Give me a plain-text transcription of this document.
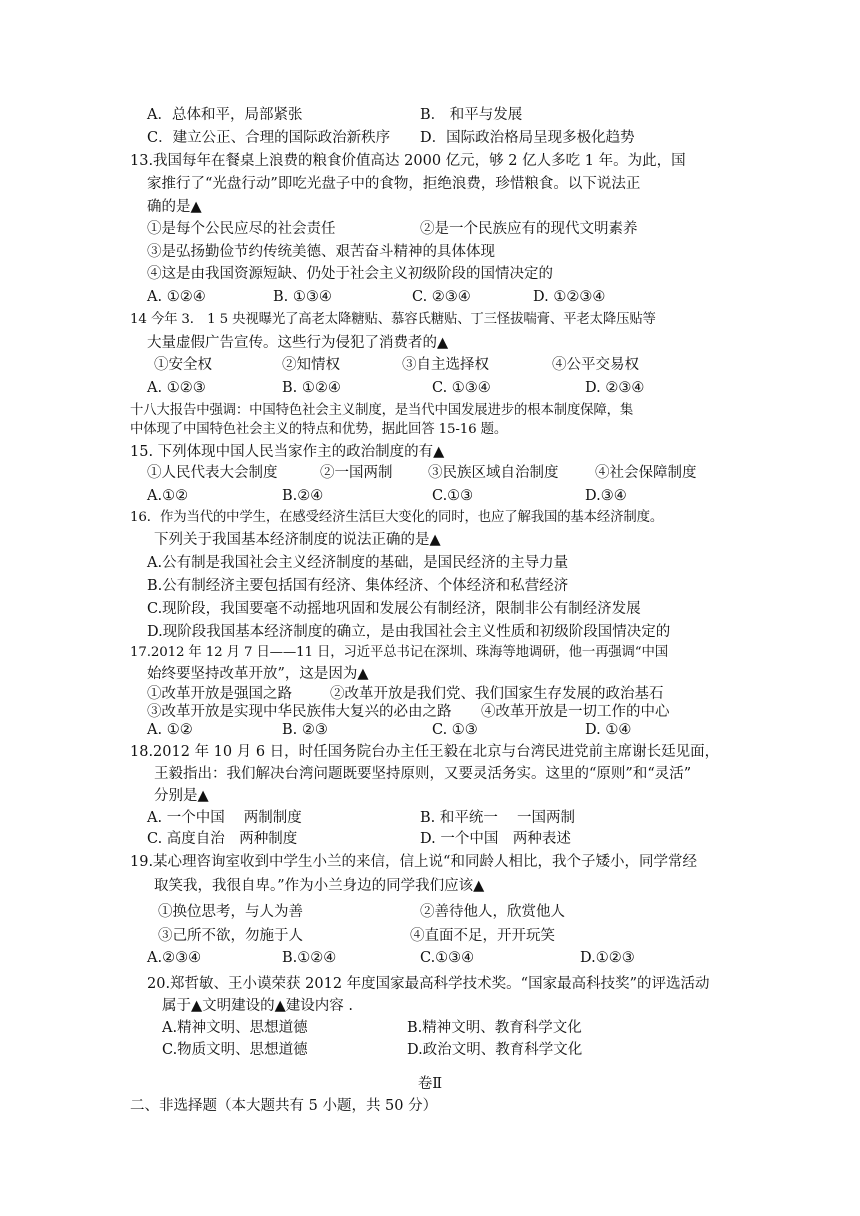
A．总体和平，局部紧张	B． 和平与发展
C．建立公正、合理的国际政治新秩序 D．国际政治格局呈现多极化趋势
13.我国每年在餐桌上浪费的粮食价值高达 2000 亿元，够 2 亿人多吃 1 年。为此，国
家推行了“光盘行动”即吃光盘子中的食物，拒绝浪费，珍惜粮食。以下说法正
确的是▲
①是每个公民应尽的社会责任	②是一个民族应有的现代文明素养
③是弘扬勤俭节约传统美德、艰苦奋斗精神的具体体现
④这是由我国资源短缺、仍处于社会主义初级阶段的国情决定的
A. ①②④	B. ①③④	C. ②③④	D. ①②③④
14 今年 3． 1 5 央视曝光了高老太降糖贴、慕容氏糖贴、丁三怪拔喘膏、平老太降压贴等
大量虚假广告宣传。这些行为侵犯了消费者的▲
①安全权	②知情权	③自主选择权	④公平交易权
A. ①②③	B. ①②④	C. ①③④	D. ②③④
十八大报告中强调：中国特色社会主义制度，是当代中国发展进步的根本制度保障，集
中体现了中国特色社会主义的特点和优势，据此回答 15-16 题。
15. 下列体现中国人民当家作主的政治制度的有▲
①人民代表大会制度	②一国两制 ③民族区域自治制度	④社会保障制度
A.①②	B.②④	C.①③	D.③④
16．作为当代的中学生，在感受经济生活巨大变化的同时，也应了解我国的基本经济制度。
下列关于我国基本经济制度的说法正确的是▲
A.公有制是我国社会主义经济制度的基础，是国民经济的主导力量
B.公有制经济主要包括国有经济、集体经济、个体经济和私营经济
C.现阶段，我国要毫不动摇地巩固和发展公有制经济，限制非公有制经济发展
D.现阶段我国基本经济制度的确立，是由我国社会主义性质和初级阶段国情决定的
17.2012 年 12 月 7 日——11 日，习近平总书记在深圳、珠海等地调研，他一再强调“中国
始终要坚持改革开放”，这是因为▲
①改革开放是强国之路	②改革开放是我们党、我们国家生存发展的政治基石
③改革开放是实现中华民族伟大复兴的必由之路 ④改革开放是一切工作的中心
A. ①②	B. ②③	C. ①③	D. ①④
18.2012 年 10 月 6 日，时任国务院台办主任王毅在北京与台湾民进党前主席谢长廷见面，
王毅指出：我们解决台湾问题既要坚持原则，又要灵活务实。这里的“原则”和“灵活”
分别是▲
A. 一个中国　 两制制度	B. 和平统一　 一国两制
C. 高度自治　两种制度	D. 一个中国　两种表述
19.某心理咨询室收到中学生小兰的来信，信上说“和同龄人相比，我个子矮小，同学常经
取笑我，我很自卑。”作为小兰身边的同学我们应该▲
①换位思考，与人为善	②善待他人，欣赏他人
③己所不欲，勿施于人	④直面不足，开开玩笑
A.②③④	B.①②④	C.①③④	D.①②③
20.郑哲敏、王小谟荣获 2012 年度国家最高科学技术奖。“国家最高科技奖”的评选活动
属于▲文明建设的▲建设内容 .
A.精神文明、思想道德	B.精神文明、教育科学文化
C.物质文明、思想道德	D.政治文明、教育科学文化
卷Ⅱ
二、非选择题（本大题共有 5 小题，共 50 分）
